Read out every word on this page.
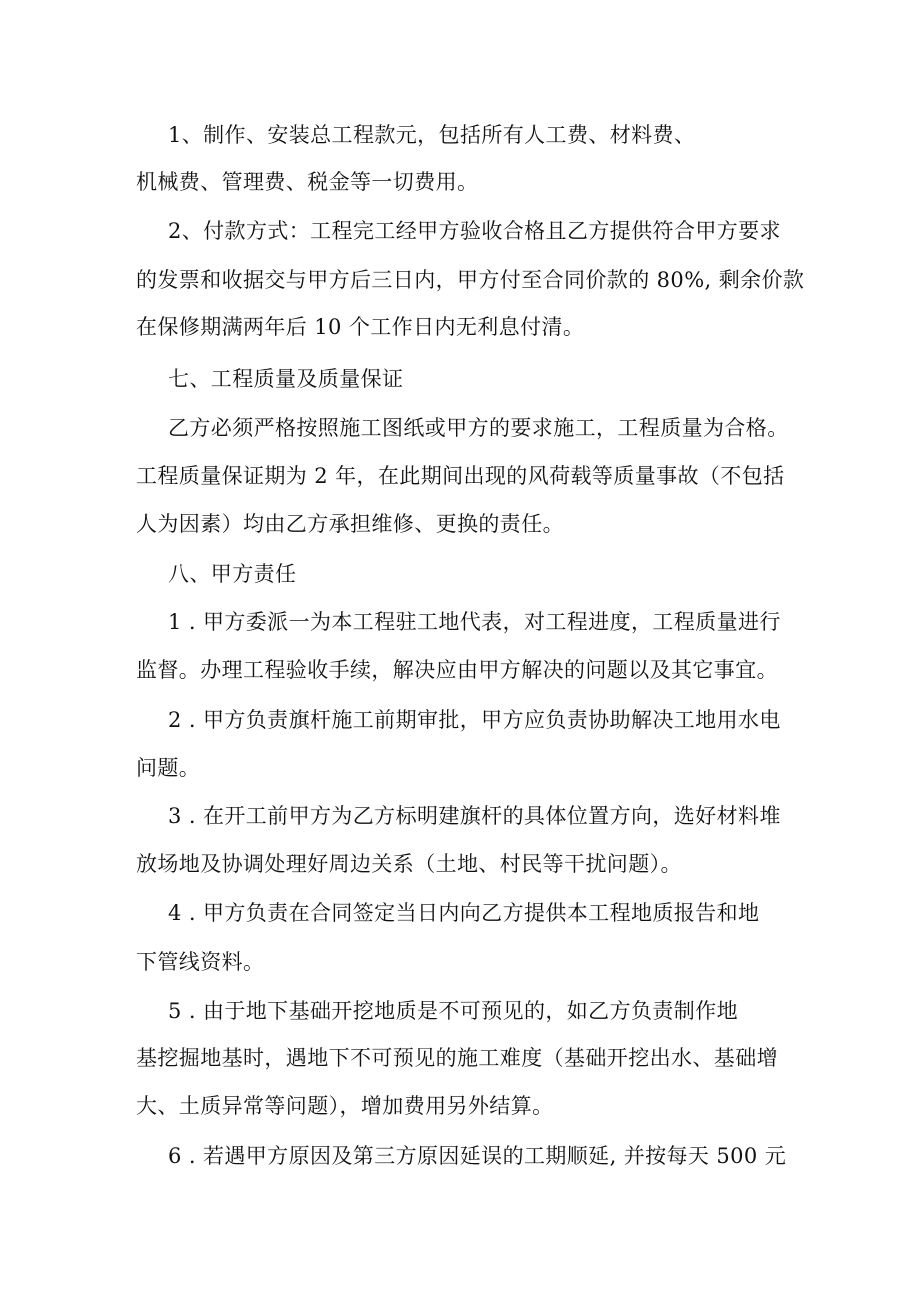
1、制作、安装总工程款元，包括所有人工费、材料费、
机械费、管理费、税金等一切费用。
2、付款方式：工程完工经甲方验收合格且乙方提供符合甲方要求
的发票和收据交与甲方后三日内，甲方付至合同价款的 80%, 剩余价款
在保修期满两年后 10 个工作日内无利息付清。
七、工程质量及质量保证
乙方必须严格按照施工图纸或甲方的要求施工，工程质量为合格。
工程质量保证期为 2 年，在此期间出现的风荷载等质量事故（不包括
人为因素）均由乙方承担维修、更换的责任。
八、甲方责任
1 . 甲方委派一为本工程驻工地代表，对工程进度，工程质量进行
监督。办理工程验收手续，解决应由甲方解决的问题以及其它事宜。
2 . 甲方负责旗杆施工前期审批，甲方应负责协助解决工地用水电
问题。
3 . 在开工前甲方为乙方标明建旗杆的具体位置方向，选好材料堆
放场地及协调处理好周边关系（土地、村民等干扰问题）。
4 . 甲方负责在合同签定当日内向乙方提供本工程地质报告和地
下管线资料。
5 . 由于地下基础开挖地质是不可预见的，如乙方负责制作地
基挖掘地基时，遇地下不可预见的施工难度（基础开挖出水、基础增
大、土质异常等问题），增加费用另外结算。
6 . 若遇甲方原因及第三方原因延误的工期顺延, 并按每天 500 元
